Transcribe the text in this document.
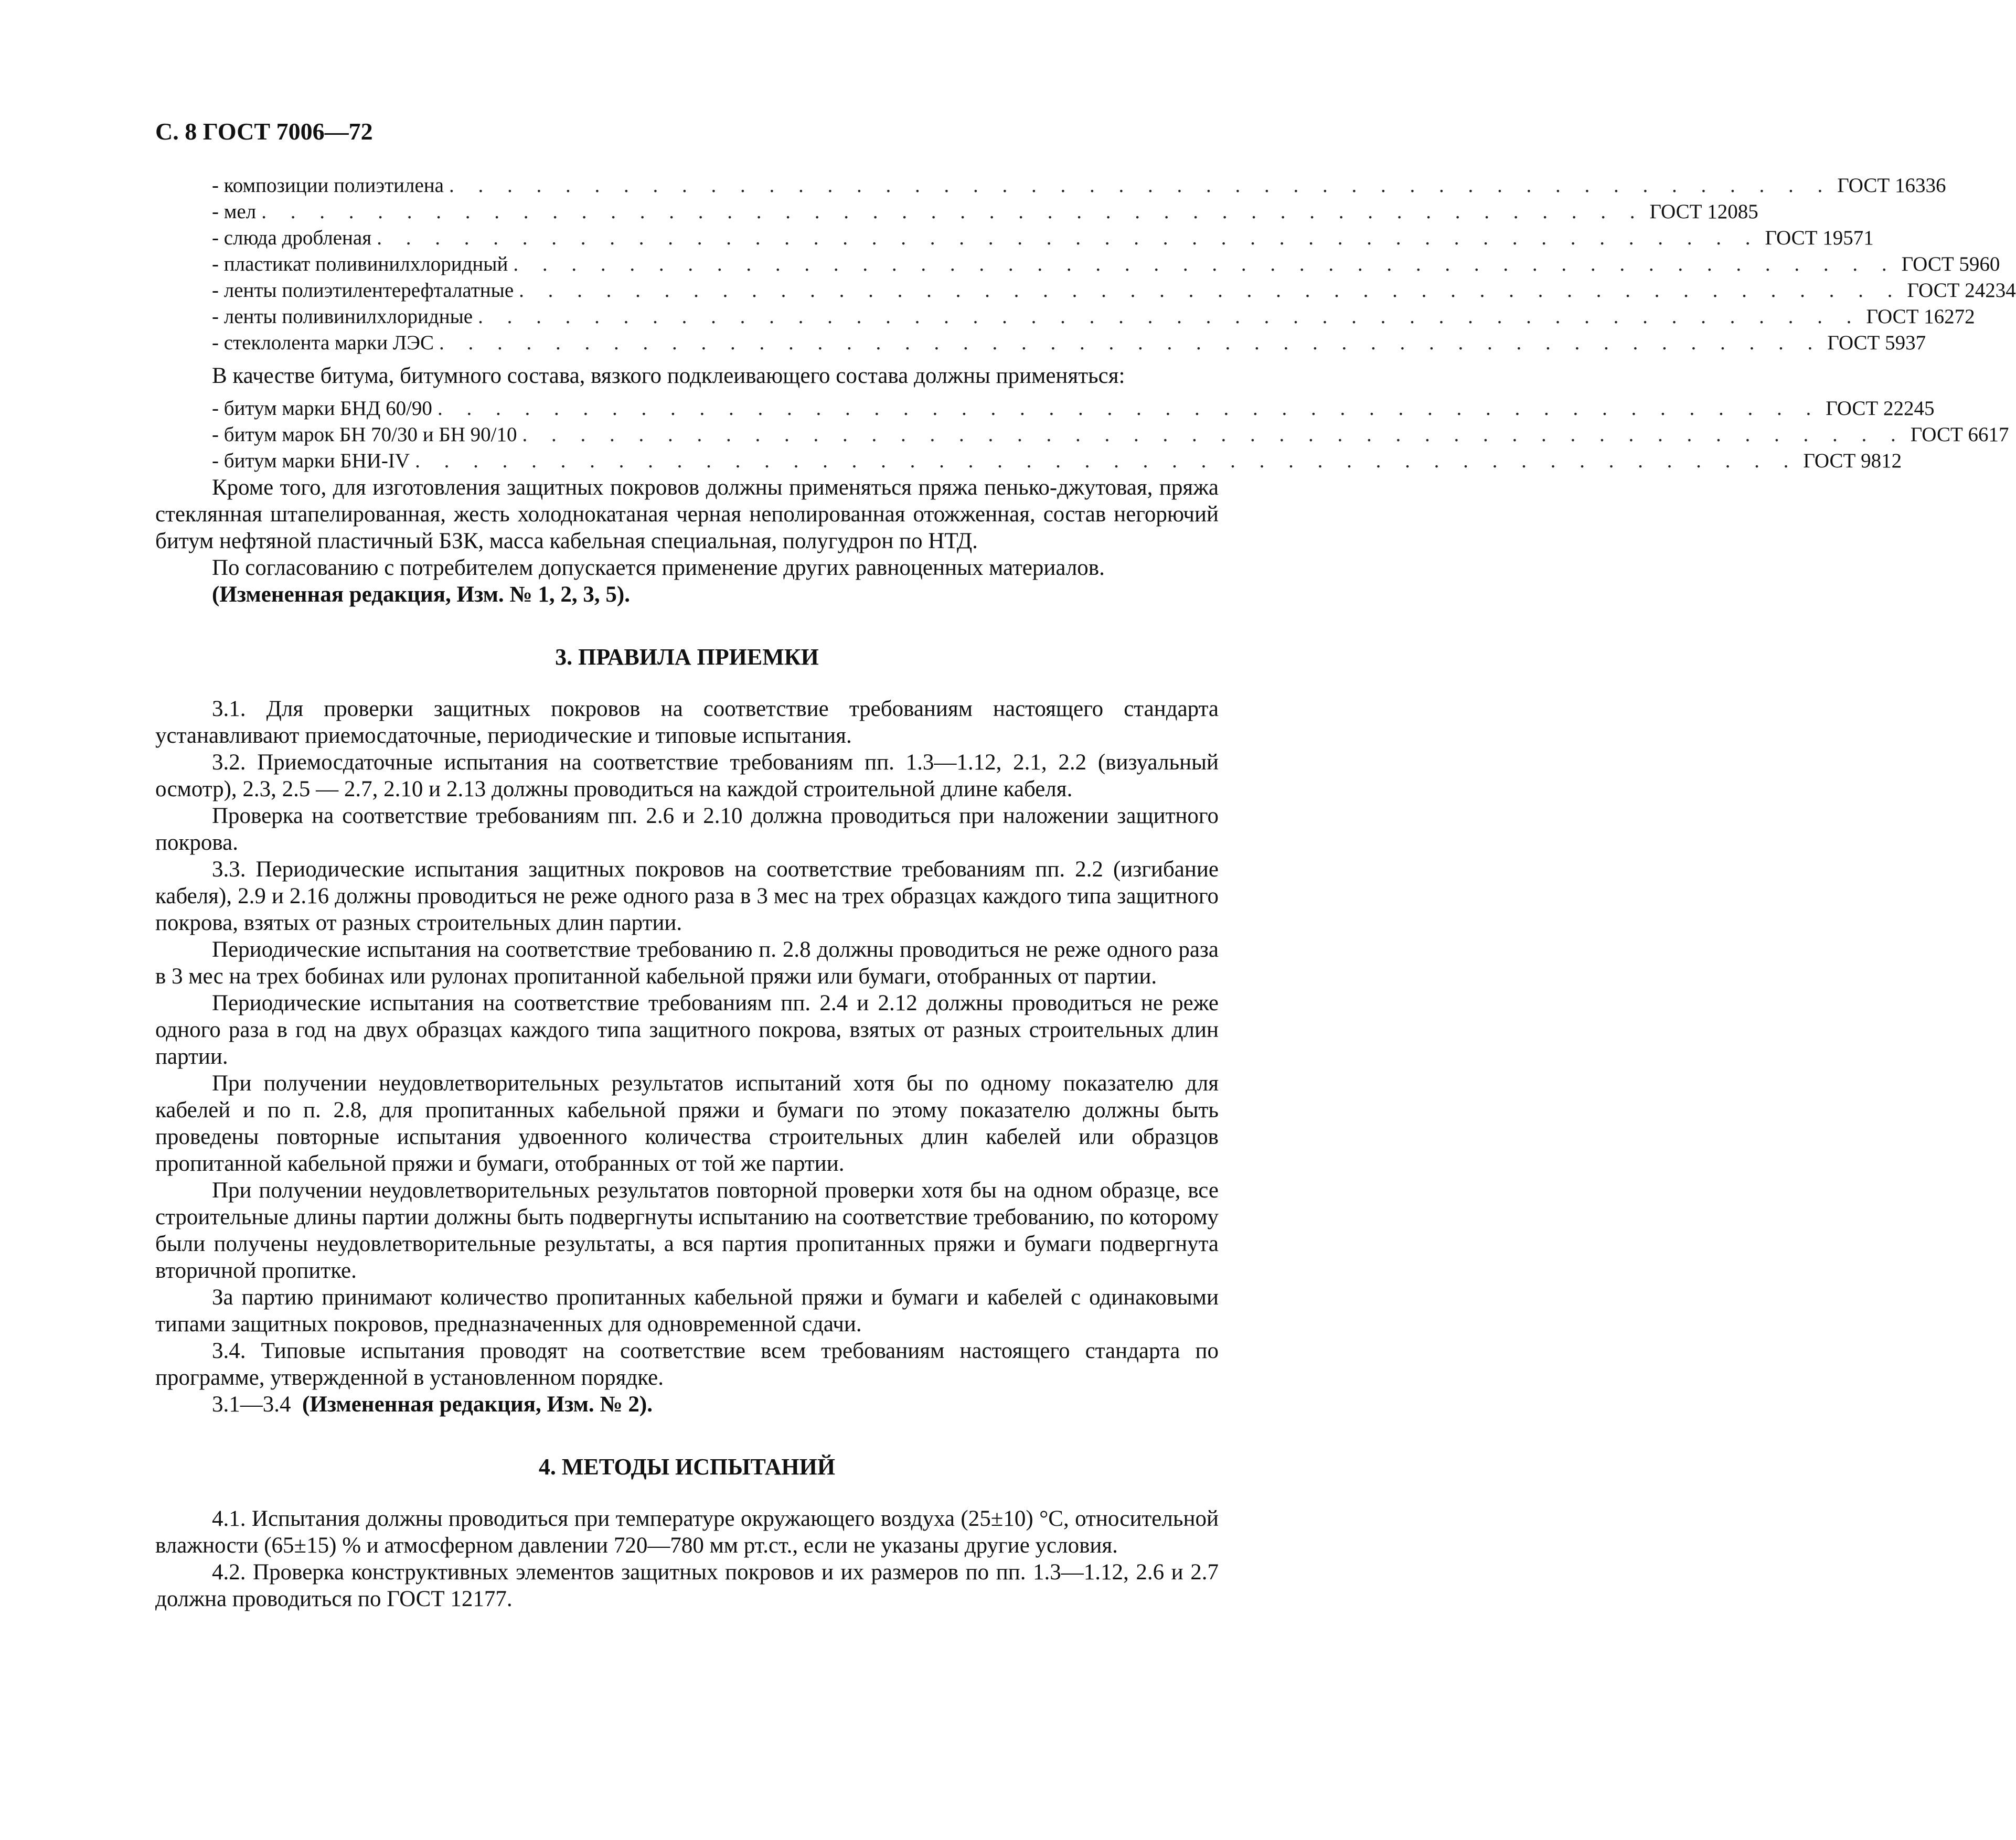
С. 8 ГОСТ 7006—72
- композиции полиэтилена . . . . . . . . . . . . . . . . . . . . . . . . . . . . . . . . . . . . . . . . . . . . . . . . ГОСТ 16336
- мел . . . . . . . . . . . . . . . . . . . . . . . . . . . . . . . . . . . . . . . . . . . . . . . . ГОСТ 12085
- слюда дробленая . . . . . . . . . . . . . . . . . . . . . . . . . . . . . . . . . . . . . . . . . . . . . . . . ГОСТ 19571
- пластикат поливинилхлоридный . . . . . . . . . . . . . . . . . . . . . . . . . . . . . . . . . . . . . . . . . . . . . . . . ГОСТ 5960
- ленты полиэтилентерефталатные . . . . . . . . . . . . . . . . . . . . . . . . . . . . . . . . . . . . . . . . . . . . . . . . ГОСТ 24234
- ленты поливинилхлоридные . . . . . . . . . . . . . . . . . . . . . . . . . . . . . . . . . . . . . . . . . . . . . . . . ГОСТ 16272
- стеклолента марки ЛЭС . . . . . . . . . . . . . . . . . . . . . . . . . . . . . . . . . . . . . . . . . . . . . . . . ГОСТ 5937

В качестве битума, битумного состава, вязкого подклеивающего состава должны применяться:

- битум марки БНД 60/90 . . . . . . . . . . . . . . . . . . . . . . . . . . . . . . . . . . . . . . . . . . . . . . . . ГОСТ 22245
- битум марок БН 70/30 и БН 90/10 . . . . . . . . . . . . . . . . . . . . . . . . . . . . . . . . . . . . . . . . . . . . . . . . ГОСТ 6617
- битум марки БНИ-IV . . . . . . . . . . . . . . . . . . . . . . . . . . . . . . . . . . . . . . . . . . . . . . . . ГОСТ 9812

Кроме того, для изготовления защитных покровов должны применяться пряжа пенько-джутовая, пряжа стеклянная штапелированная, жесть холоднокатаная черная неполированная отожженная, состав негорючий битум нефтяной пластичный БЗК, масса кабельная специальная, полугудрон по НТД.

По согласованию с потребителем допускается применение других равноценных материалов.

(Измененная редакция, Изм. № 1, 2, 3, 5).

3. ПРАВИЛА ПРИЕМКИ

3.1. Для проверки защитных покровов на соответствие требованиям настоящего стандарта устанавливают приемосдаточные, периодические и типовые испытания.

3.2. Приемосдаточные испытания на соответствие требованиям пп. 1.3—1.12, 2.1, 2.2 (визуальный осмотр), 2.3, 2.5 — 2.7, 2.10 и 2.13 должны проводиться на каждой строительной длине кабеля.

Проверка на соответствие требованиям пп. 2.6 и 2.10 должна проводиться при наложении защитного покрова.

3.3. Периодические испытания защитных покровов на соответствие требованиям пп. 2.2 (изгибание кабеля), 2.9 и 2.16 должны проводиться не реже одного раза в 3 мес на трех образцах каждого типа защитного покрова, взятых от разных строительных длин партии.

Периодические испытания на соответствие требованию п. 2.8 должны проводиться не реже одного раза в 3 мес на трех бобинах или рулонах пропитанной кабельной пряжи или бумаги, отобранных от партии.

Периодические испытания на соответствие требованиям пп. 2.4 и 2.12 должны проводиться не реже одного раза в год на двух образцах каждого типа защитного покрова, взятых от разных строительных длин партии.

При получении неудовлетворительных результатов испытаний хотя бы по одному показателю для кабелей и по п. 2.8, для пропитанных кабельной пряжи и бумаги по этому показателю должны быть проведены повторные испытания удвоенного количества строительных длин кабелей или образцов пропитанной кабельной пряжи и бумаги, отобранных от той же партии.

При получении неудовлетворительных результатов повторной проверки хотя бы на одном образце, все строительные длины партии должны быть подвергнуты испытанию на соответствие требованию, по которому были получены неудовлетворительные результаты, а вся партия пропитанных пряжи и бумаги подвергнута вторичной пропитке.

За партию принимают количество пропитанных кабельной пряжи и бумаги и кабелей с одинаковыми типами защитных покровов, предназначенных для одновременной сдачи.

3.4. Типовые испытания проводят на соответствие всем требованиям настоящего стандарта по программе, утвержденной в установленном порядке.

3.1—3.4 (Измененная редакция, Изм. № 2).

4. МЕТОДЫ ИСПЫТАНИЙ

4.1. Испытания должны проводиться при температуре окружающего воздуха (25±10) °С, относительной влажности (65±15) % и атмосферном давлении 720—780 мм рт.ст., если не указаны другие условия.

4.2. Проверка конструктивных элементов защитных покровов и их размеров по пп. 1.3—1.12, 2.6 и 2.7 должна проводиться по ГОСТ 12177.
